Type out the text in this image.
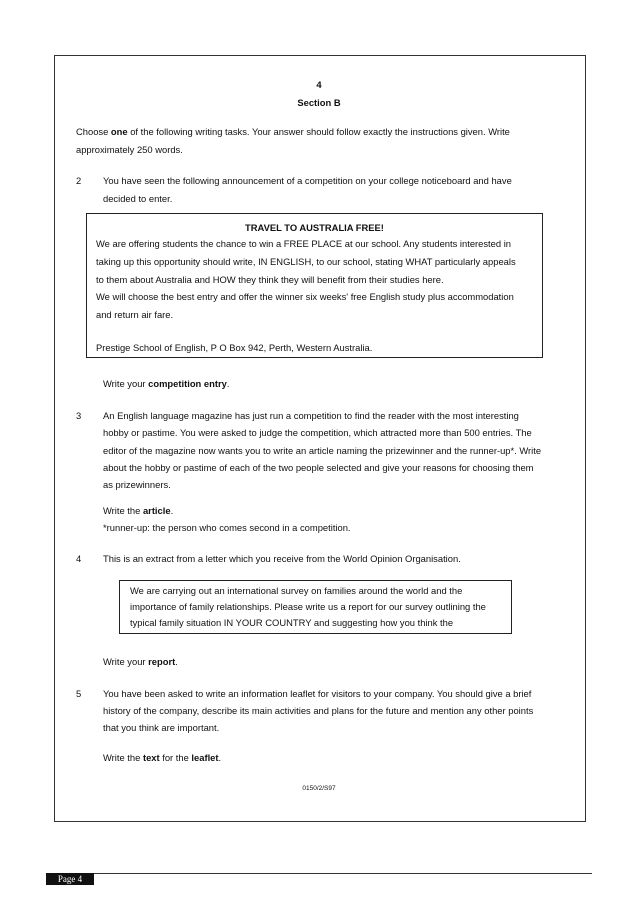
4
Section B
Choose one of the following writing tasks. Your answer should follow exactly the instructions given. Write
approximately 250 words.
2 You have seen the following announcement of a competition on your college noticeboard and have
decided to enter.
TRAVEL TO AUSTRALIA FREE!
We are offering students the chance to win a FREE PLACE at our school. Any students interested in
taking up this opportunity should write, IN ENGLISH, to our school, stating WHAT particularly appeals
to them about Australia and HOW they think they will benefit from their studies here.
We will choose the best entry and offer the winner six weeks' free English study plus accommodation
and return air fare.
Prestige School of English, P O Box 942, Perth, Western Australia.
Write your competition entry.
3 An English language magazine has just run a competition to find the reader with the most interesting
hobby or pastime. You were asked to judge the competition, which attracted more than 500 entries. The
editor of the magazine now wants you to write an article naming the prizewinner and the runner-up*. Write
about the hobby or pastime of each of the two people selected and give your reasons for choosing them
as prizewinners.
Write the article.
*runner-up: the person who comes second in a competition.
4 This is an extract from a letter which you receive from the World Opinion Organisation.
We are carrying out an international survey on families around the world and the
importance of family relationships. Please write us a report for our survey outlining the
typical family situation IN YOUR COUNTRY and suggesting how you think the
Write your report.
5 You have been asked to write an information leaflet for visitors to your company. You should give a brief
history of the company, describe its main activities and plans for the future and mention any other points
that you think are important.
Write the text for the leaflet.
0150/2/S97
Page 4
